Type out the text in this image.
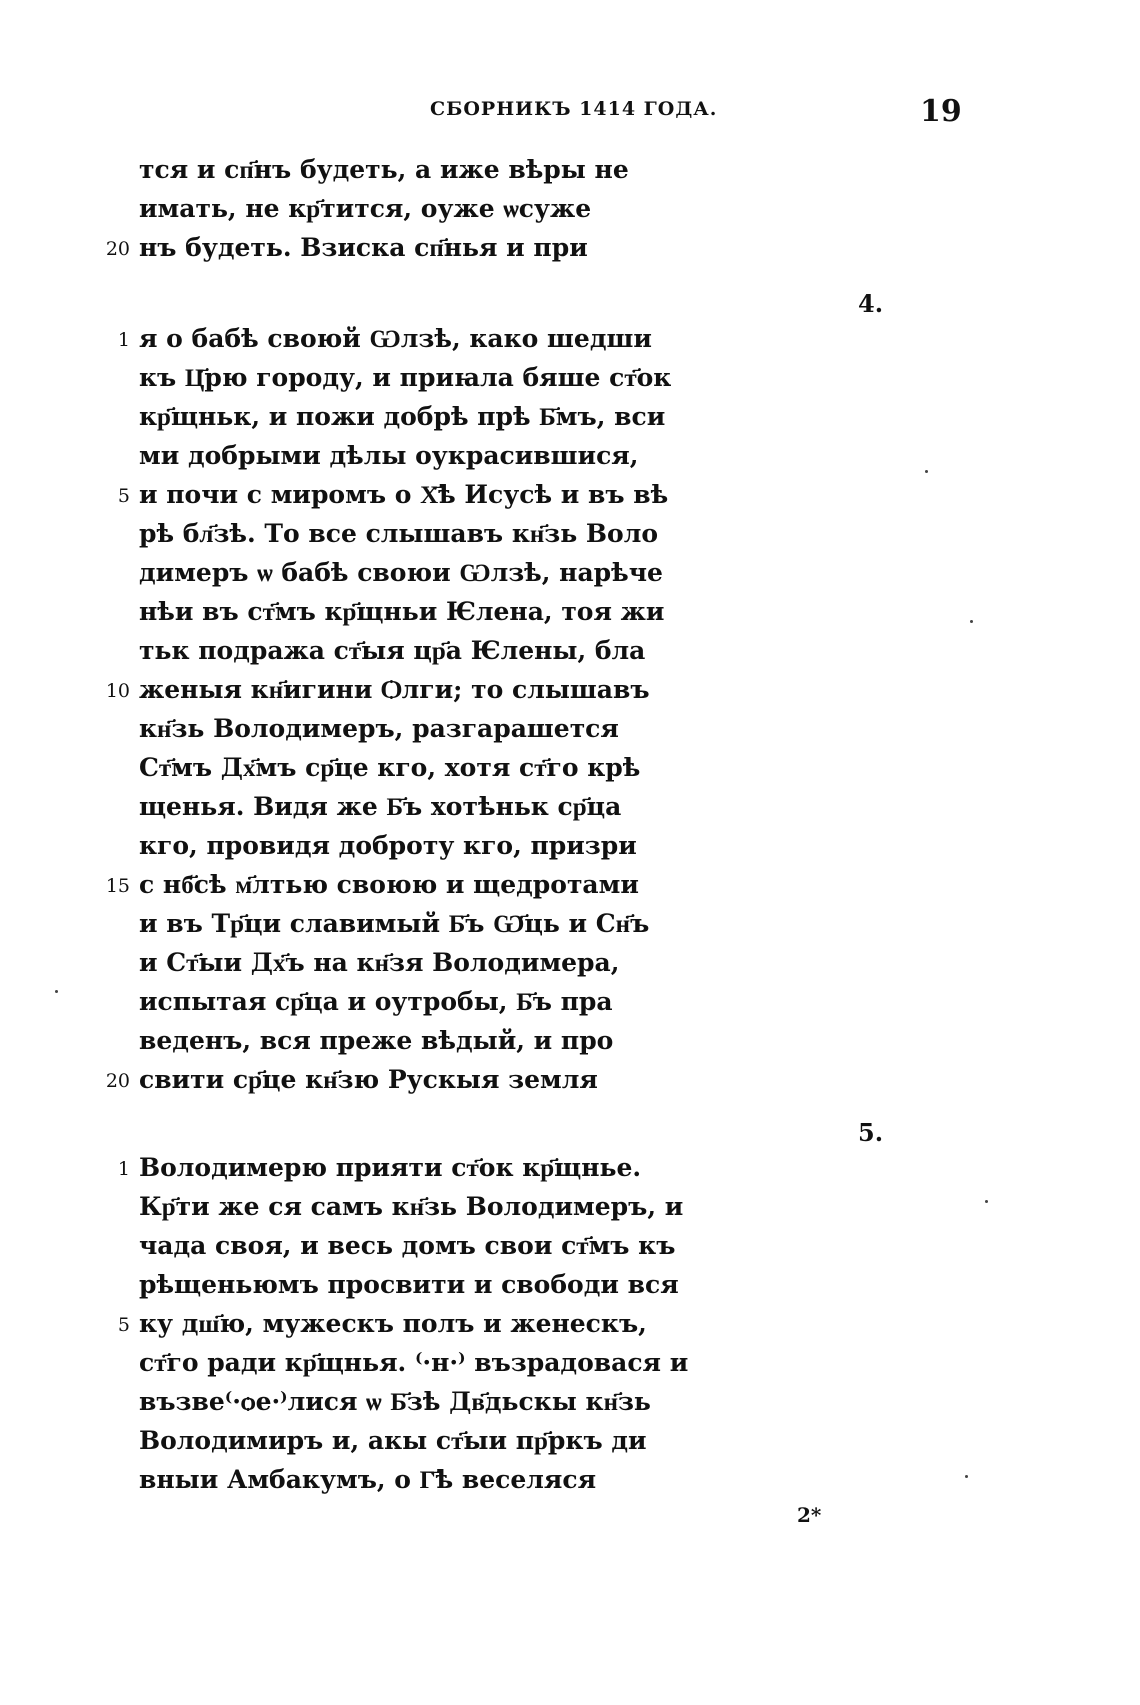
СБОРНИКЪ 1414 ГОДА.	19
тся и сп҃нъ будеть, а иже вѣры не
имать, не кр҃тится, оуже ѡсуже
20 нъ будеть. Взиска сп҃нья и при
4.
1 я о бабѣ своюй Ѡлзѣ, како шедши
къ Ц҃рю городу, и приꙗла бяше ст҃ок
кр҃щньк, и пожи добрѣ прѣ Б҃мъ, вси
ми добрыми дѣлы оукрасившися,
5 и почи с миромъ о Х҃ѣ Исусѣ и въ вѣ
рѣ бл҃зѣ. То все слышавъ кн҃зь Воло
димеръ ѡ бабѣ своюи Ѡлзѣ, нарѣче
нѣи въ ст҃мъ кр҃щньи Ѥлена, тоя жи
тьк подража ст҃ыя цр҃а Ѥлены, бла
10 женыя кн҃игини Ѻлги; то слышавъ
кн҃зь Володимеръ, разгарашется
Ст҃мъ Дх҃мъ ср҃це кго, хотя ст҃го крѣ
щенья. Видя же Б҃ъ хотѣньк ср҃ца
кго, провидя доброту кго, призри
15 с нб҃сѣ м҃лтью своюю и щедротами
и въ Тр҃ци славимый Б҃ъ Ѡ҃ць и Сн҃ъ
и Ст҃ыи Дх҃ъ на кн҃зя Володимера,
испытая ср҃ца и оутробы, Б҃ъ пра
веденъ, вся преже вѣдый, и про
20 свити ср҃це кн҃зю Рускыя земля
5.
1 Володимерю прияти ст҃ок кр҃щнье.
Кр҃ти же ся самъ кн҃зь Володимеръ, и
чада своя, и весь домъ свои ст҃мъ къ
рѣщеньюмъ просвити и свободи вся
5 ку дш҃ю, мужескъ полъ и женескъ,
ст҃го ради кр҃щнья. ⁽·н·⁾ възрадовася и
възве⁽·ѻе·⁾лися ѡ Б҃зѣ Дв҃дьскы кн҃зь
Володимиръ и, акы ст҃ыи пр҃ркъ ди
вныи Амбакумъ, о Г҃ѣ веселяся
2*
